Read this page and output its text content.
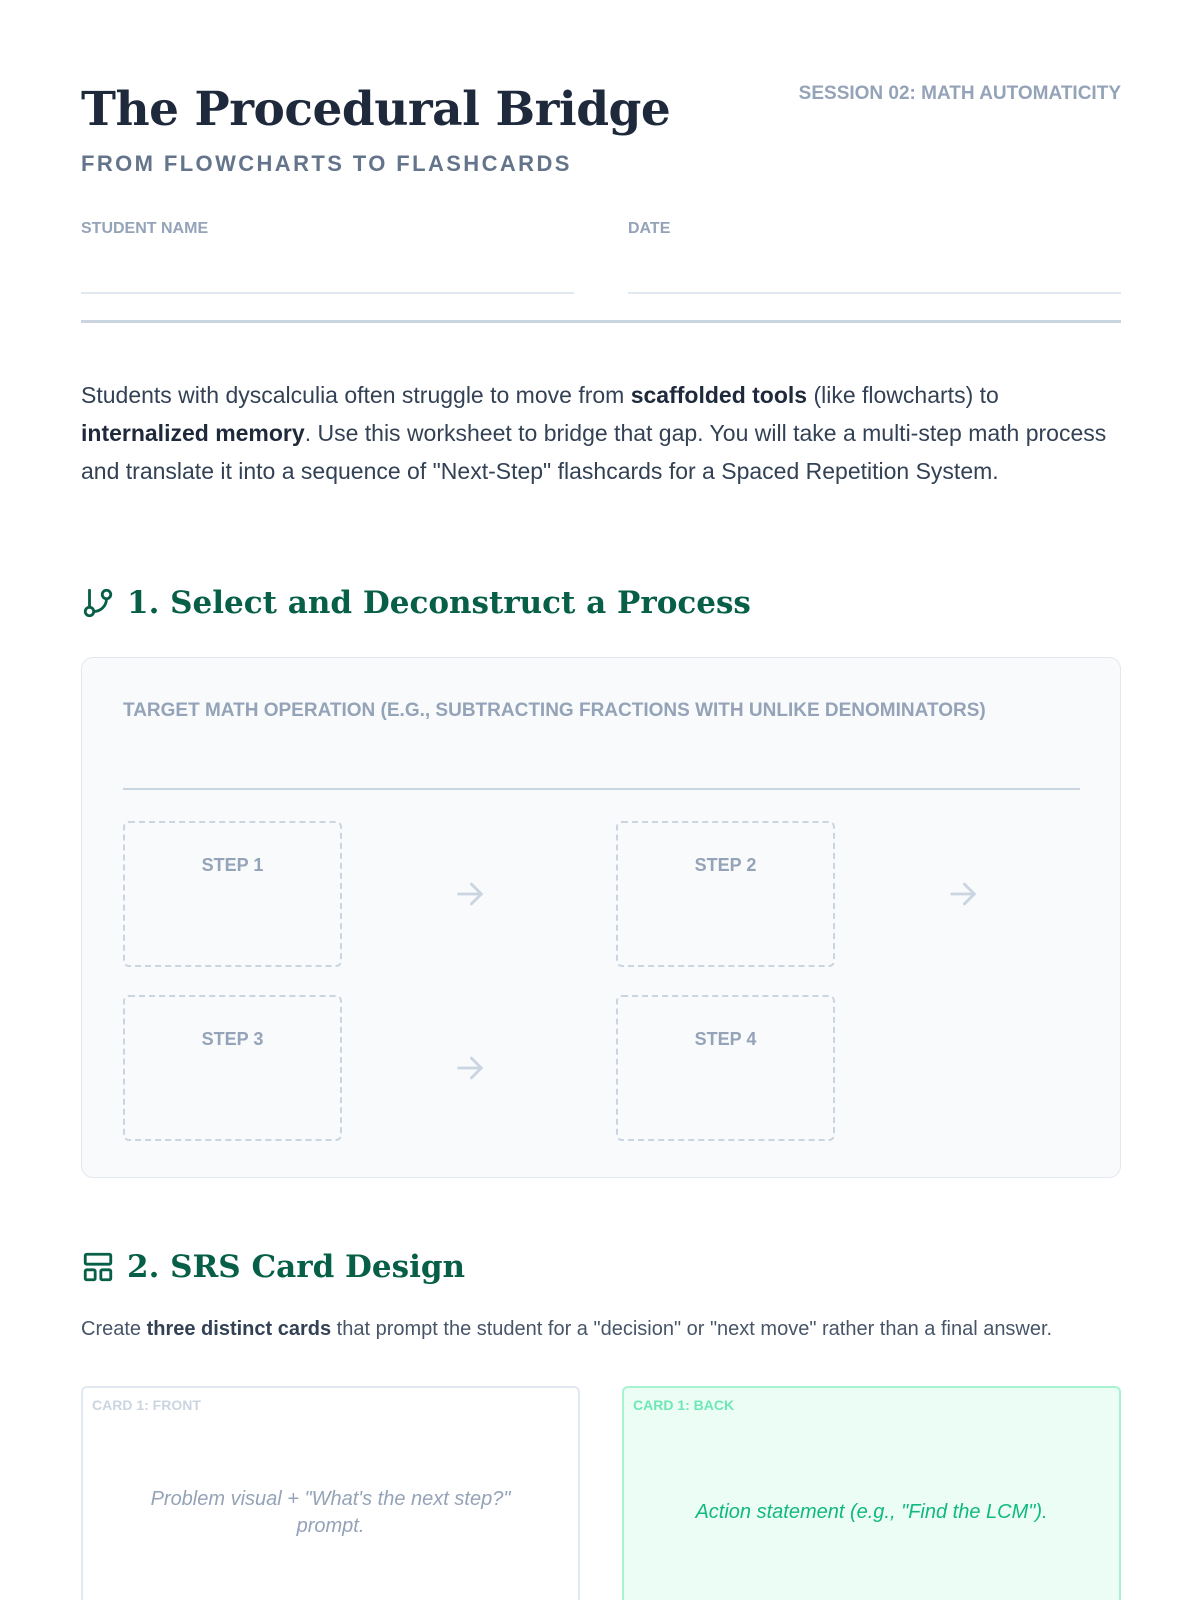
The Procedural Bridge
FROM FLOWCHARTS TO FLASHCARDS
SESSION 02: MATH AUTOMATICITY
STUDENT NAME	DATE

Students with dyscalculia often struggle to move from scaffolded tools (like flowcharts) to internalized memory. Use this worksheet to bridge that gap. You will take a multi-step math process and translate it into a sequence of "Next-Step" flashcards for a Spaced Repetition System.

1. Select and Deconstruct a Process
TARGET MATH OPERATION (E.G., SUBTRACTING FRACTIONS WITH UNLIKE DENOMINATORS)
STEP 1	STEP 2
STEP 3	STEP 4
2. SRS Card Design

Create three distinct cards that prompt the student for a "decision" or "next move" rather than a final answer.

CARD 1: FRONT
Problem visual + "What's the next step?" prompt.
CARD 1: BACK
Action statement (e.g., "Find the LCM").
